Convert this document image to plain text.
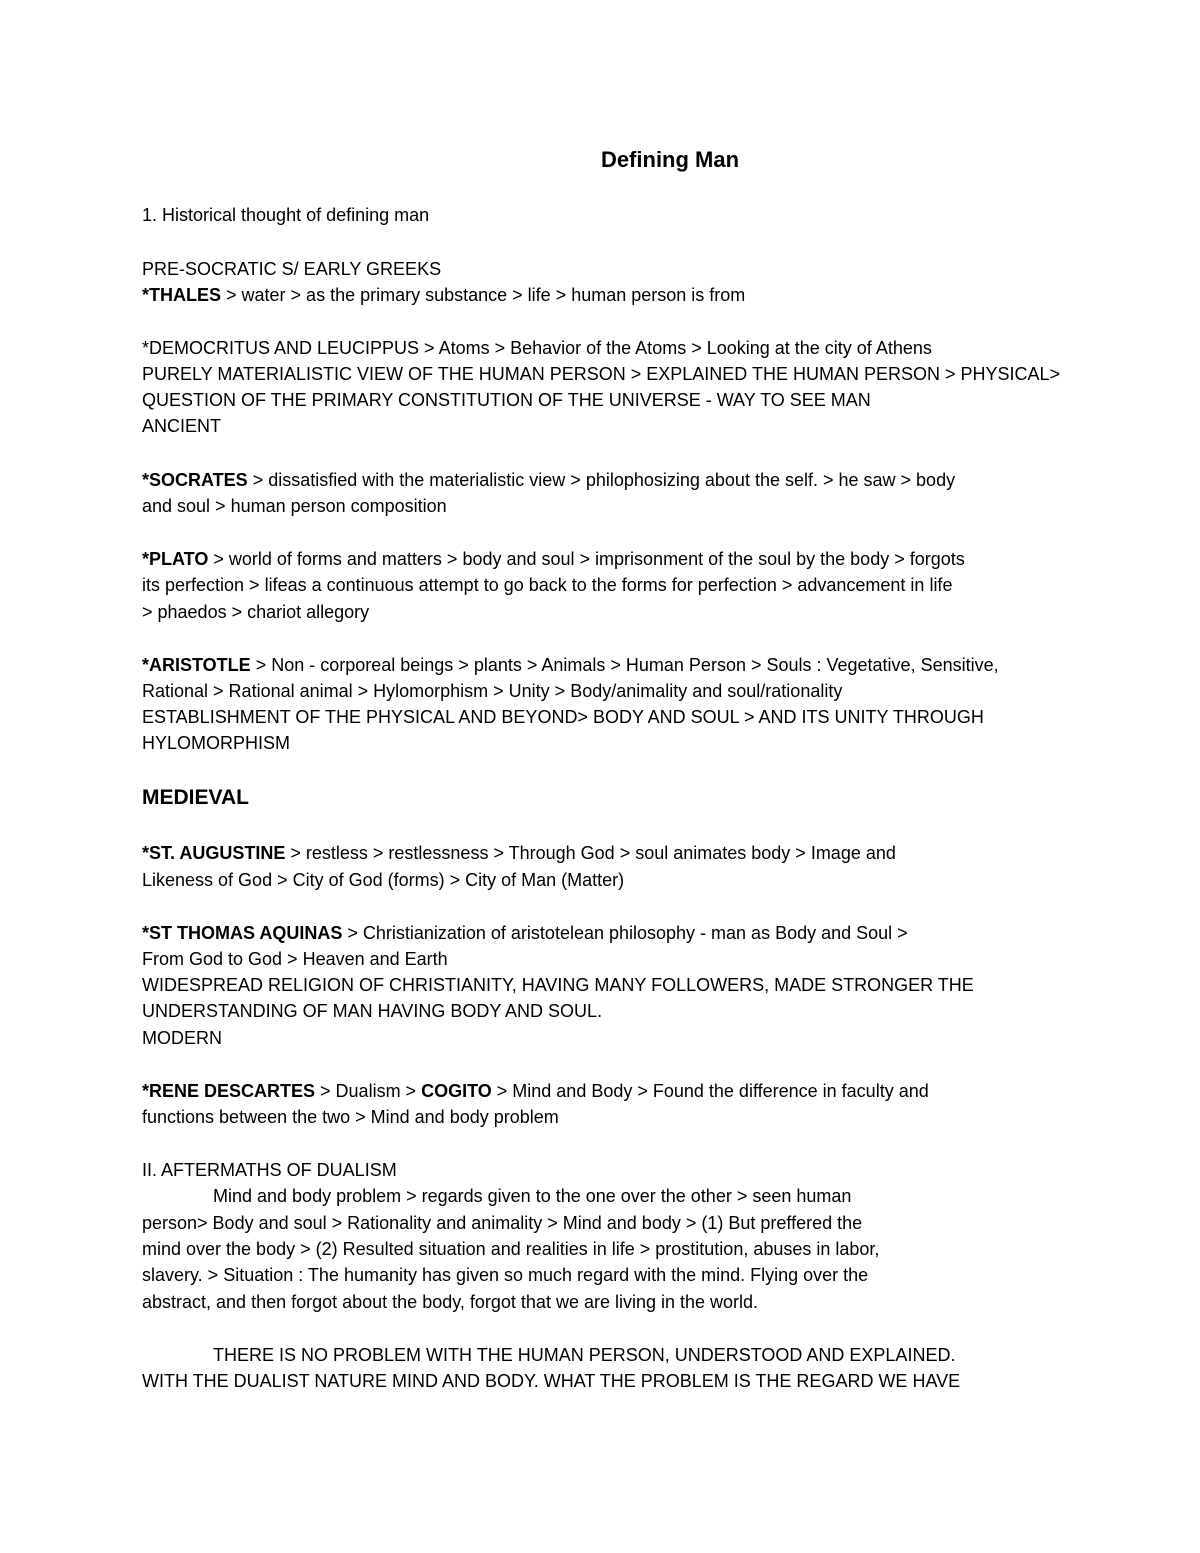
Defining Man
1. Historical thought of defining man
PRE-SOCRATIC S/ EARLY GREEKS
*THALES > water > as the primary substance > life > human person is from
*DEMOCRITUS AND LEUCIPPUS > Atoms > Behavior of the Atoms > Looking at the city of Athens
PURELY MATERIALISTIC VIEW OF THE HUMAN PERSON > EXPLAINED THE HUMAN PERSON > PHYSICAL>
QUESTION OF THE PRIMARY CONSTITUTION OF THE UNIVERSE - WAY TO SEE MAN
ANCIENT
*SOCRATES > dissatisfied with the materialistic view > philophosizing about the self. > he saw > body
and soul > human person composition
*PLATO > world of forms and matters > body and soul > imprisonment of the soul by the body > forgots
its perfection > lifeas a continuous attempt to go back to the forms for perfection > advancement in life
> phaedos > chariot allegory
*ARISTOTLE > Non - corporeal beings > plants > Animals > Human Person > Souls : Vegetative, Sensitive,
Rational > Rational animal > Hylomorphism > Unity > Body/animality and soul/rationality
ESTABLISHMENT OF THE PHYSICAL AND BEYOND> BODY AND SOUL > AND ITS UNITY THROUGH
HYLOMORPHISM
MEDIEVAL
*ST. AUGUSTINE > restless > restlessness > Through God > soul animates body > Image and
Likeness of God > City of God (forms) > City of Man (Matter)
*ST THOMAS AQUINAS > Christianization of aristotelean philosophy - man as Body and Soul >
From God to God > Heaven and Earth
WIDESPREAD RELIGION OF CHRISTIANITY, HAVING MANY FOLLOWERS, MADE STRONGER THE
UNDERSTANDING OF MAN HAVING BODY AND SOUL.
MODERN
*RENE DESCARTES > Dualism > COGITO > Mind and Body > Found the difference in faculty and
functions between the two > Mind and body problem
II. AFTERMATHS OF DUALISM
Mind and body problem > regards given to the one over the other > seen human
person> Body and soul > Rationality and animality > Mind and body > (1) But preffered the
mind over the body > (2) Resulted situation and realities in life > prostitution, abuses in labor,
slavery. > Situation : The humanity has given so much regard with the mind. Flying over the
abstract, and then forgot about the body, forgot that we are living in the world.
THERE IS NO PROBLEM WITH THE HUMAN PERSON, UNDERSTOOD AND EXPLAINED.
WITH THE DUALIST NATURE MIND AND BODY. WHAT THE PROBLEM IS THE REGARD WE HAVE
